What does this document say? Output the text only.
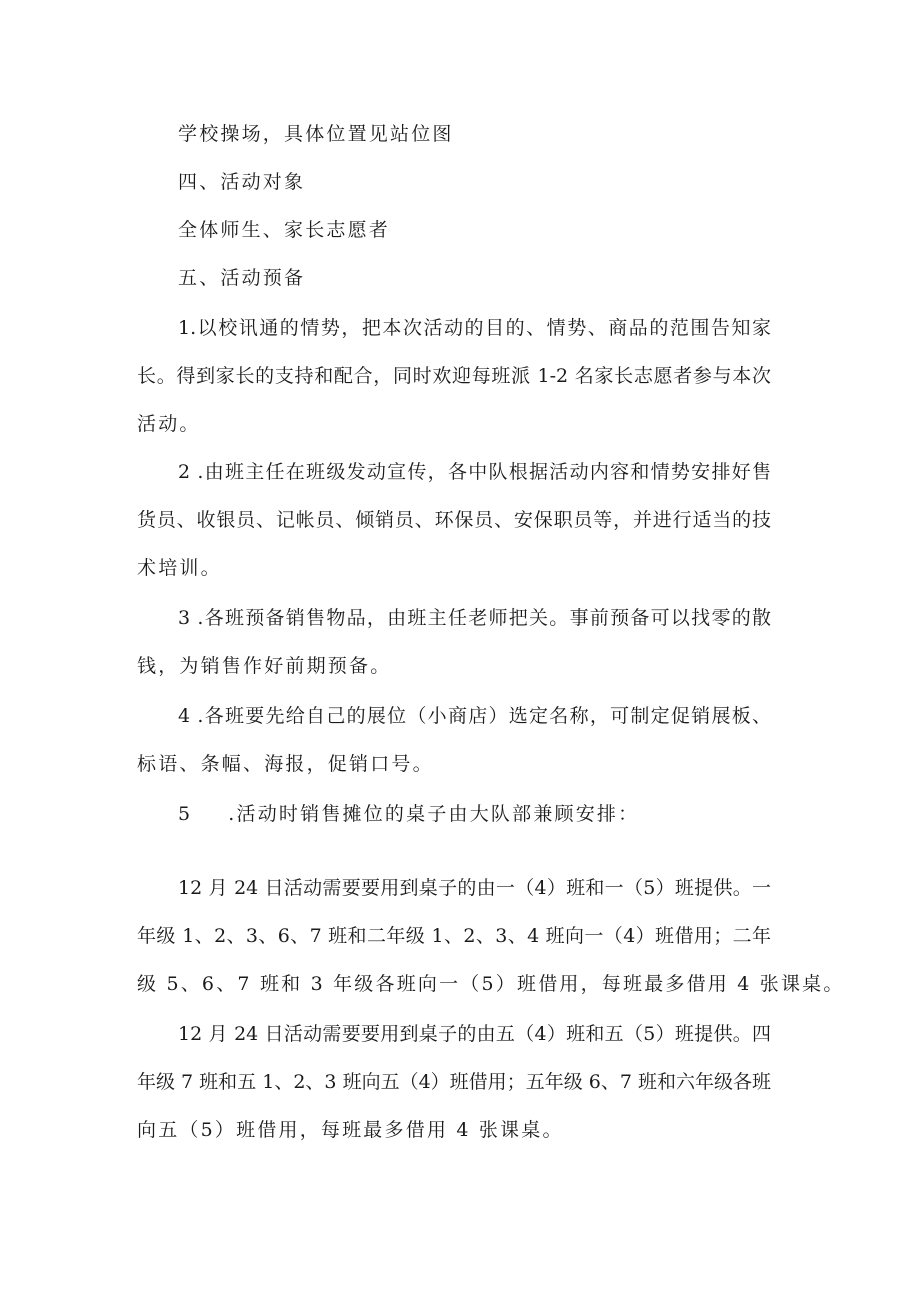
学校操场，具体位置见站位图
四、活动对象
全体师生、家长志愿者
五、活动预备
1.以校讯通的情势，把本次活动的目的、情势、商品的范围告知家
长。得到家长的支持和配合，同时欢迎每班派 1-2 名家长志愿者参与本次
活动。
2 .由班主任在班级发动宣传，各中队根据活动内容和情势安排好售
货员、收银员、记帐员、倾销员、环保员、安保职员等，并进行适当的技
术培训。
3 .各班预备销售物品，由班主任老师把关。事前预备可以找零的散
钱，为销售作好前期预备。
4 .各班要先给自己的展位（小商店）选定名称，可制定促销展板、
标语、条幅、海报，促销口号。
5 .活动时销售摊位的桌子由大队部兼顾安排：
12 月 24 日活动需要要用到桌子的由一（4）班和一（5）班提供。一
年级 1、2、3、6、7 班和二年级 1、2、3、4 班向一（4）班借用；二年
级 5、6、7 班和 3 年级各班向一（5）班借用，每班最多借用 4 张课桌。
12 月 24 日活动需要要用到桌子的由五（4）班和五（5）班提供。四
年级 7 班和五 1、2、3 班向五（4）班借用；五年级 6、7 班和六年级各班
向五（5）班借用，每班最多借用 4 张课桌。
